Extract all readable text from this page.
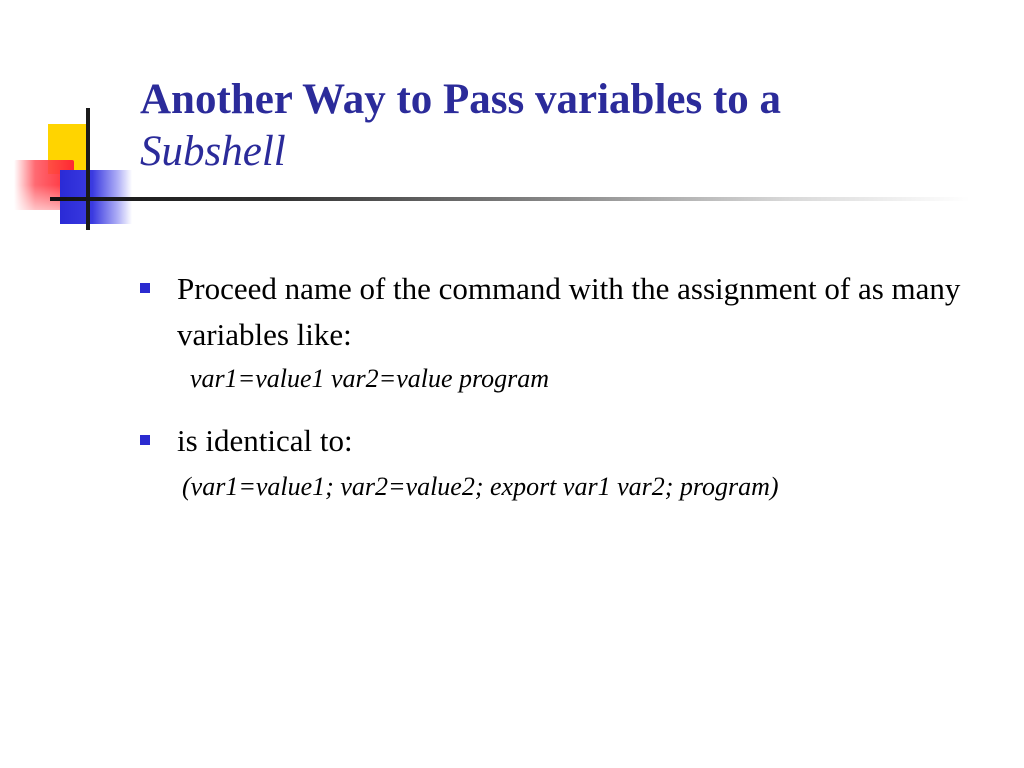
Another Way to Pass variables to a
Subshell
Proceed name of the command with the assignment of as many variables like:
var1=value1 var2=value program
is identical to:
(var1=value1; var2=value2; export var1 var2; program)
